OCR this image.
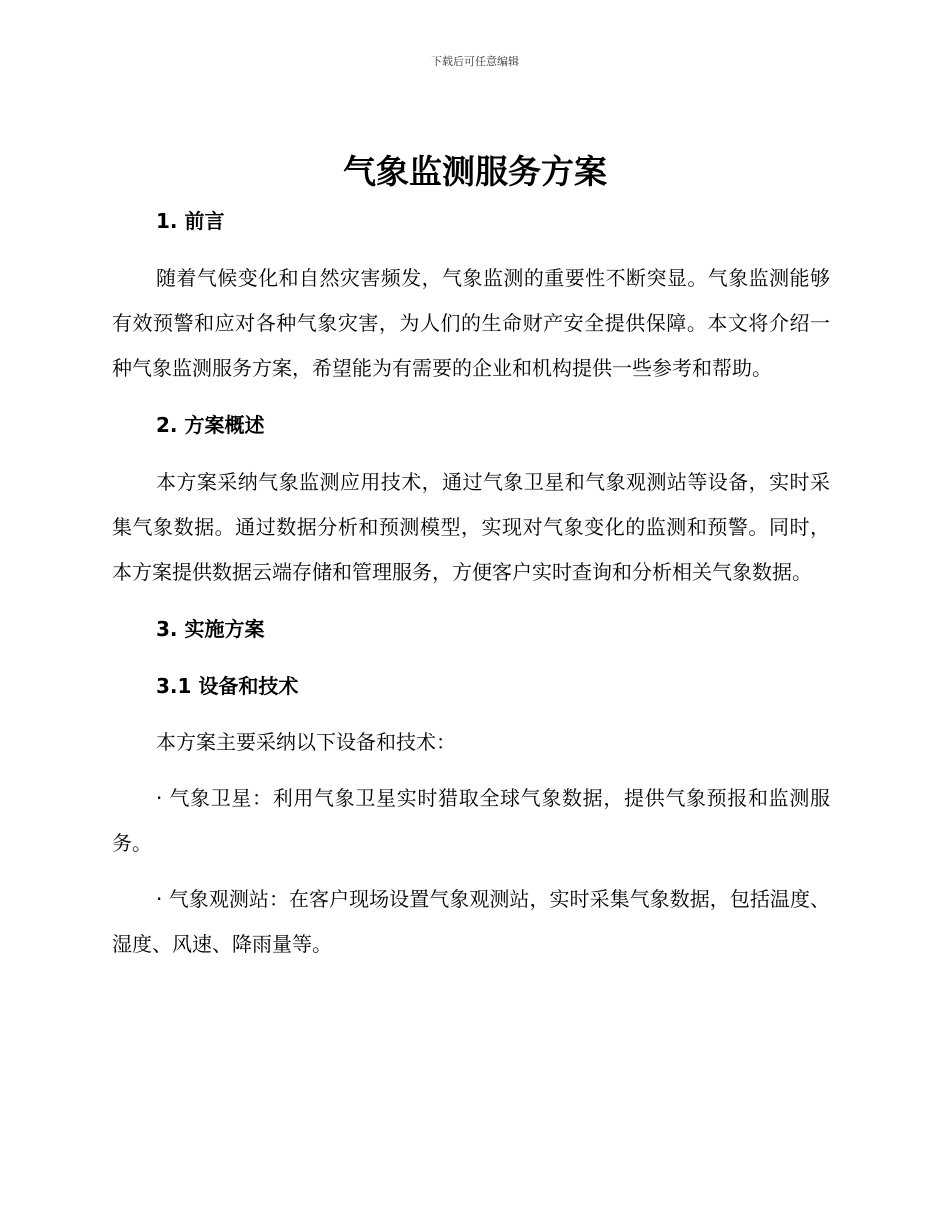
下载后可任意编辑
气象监测服务方案
1. 前言

随着气候变化和自然灾害频发，气象监测的重要性不断突显。气象监测能够有效预警和应对各种气象灾害，为人们的生命财产安全提供保障。本文将介绍一种气象监测服务方案，希望能为有需要的企业和机构提供一些参考和帮助。

2. 方案概述

本方案采纳气象监测应用技术，通过气象卫星和气象观测站等设备，实时采集气象数据。通过数据分析和预测模型，实现对气象变化的监测和预警。同时，本方案提供数据云端存储和管理服务，方便客户实时查询和分析相关气象数据。

3. 实施方案
3.1 设备和技术

本方案主要采纳以下设备和技术：

· 气象卫星：利用气象卫星实时猎取全球气象数据，提供气象预报和监测服务。

· 气象观测站：在客户现场设置气象观测站，实时采集气象数据，包括温度、湿度、风速、降雨量等。
